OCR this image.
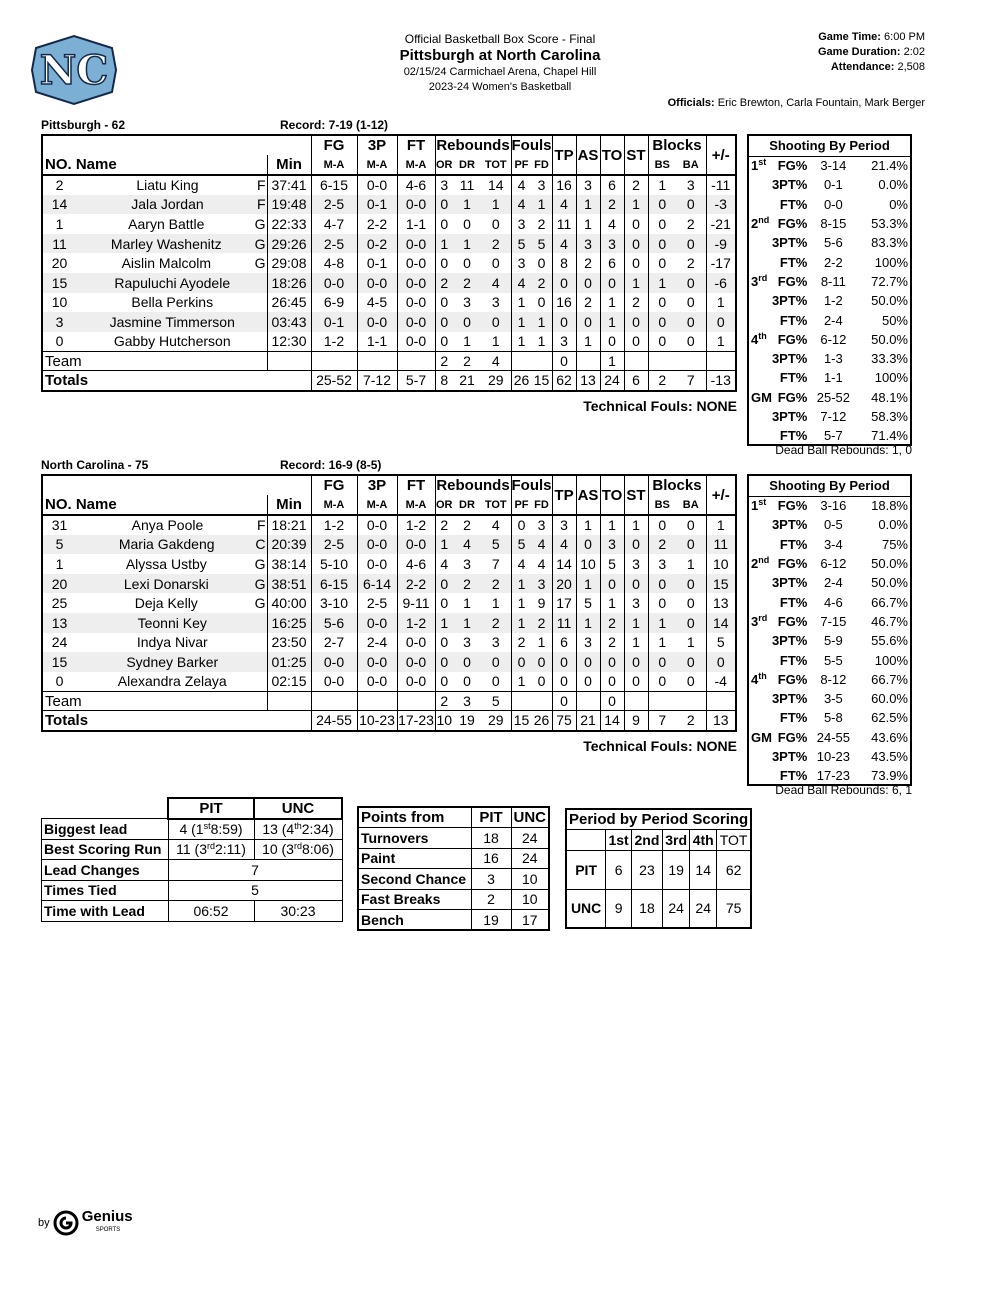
NC
Official Basketball Box Score - Final
Pittsburgh at North Carolina
02/15/24 Carmichael Arena, Chapel Hill
2023-24 Women's Basketball
Game Time: 6:00 PM
Game Duration: 2:02
Attendance: 2,508
Officials: Eric Brewton, Carla Fountain, Mark Berger
Pittsburgh - 62	Record: 7-19 (1-12)
			FG	3P	FT	Rebounds			Fouls		TP	AS	TO	ST	Blocks		+/-
NO. Name		Min	M-A	M-A	M-A	OR	DR	TOT	PF	FD					BS	BA	
2	Liatu King F	37:41	6-15	0-0	4-6	3	11	14	4	3	16	3	6	2	1	3	-11
14	Jala Jordan F	19:48	2-5	0-1	0-0	0	1	1	4	1	4	1	2	1	0	0	-3
1	Aaryn Battle G	22:33	4-7	2-2	1-1	0	0	0	3	2	11	1	4	0	0	2	-21
11	Marley Washenitz G	29:26	2-5	0-2	0-0	1	1	2	5	5	4	3	3	0	0	0	-9
20	Aislin Malcolm G	29:08	4-8	0-1	0-0	0	0	0	3	0	8	2	6	0	0	2	-17
15	Rapuluchi Ayodele	18:26	0-0	0-0	0-0	2	2	4	4	2	0	0	0	1	1	0	-6
10	Bella Perkins	26:45	6-9	4-5	0-0	0	3	3	1	0	16	2	1	2	0	0	1
3	Jasmine Timmerson	03:43	0-1	0-0	0-0	0	0	0	1	1	0	0	1	0	0	0	0
0	Gabby Hutcherson	12:30	1-2	1-1	0-0	0	1	1	1	1	3	1	0	0	0	0	1
Team						2	2	4			0		1				
Totals			25-52	7-12	5-7	8	21	29	26	15	62	13	24	6	2	7	-13
Shooting By Period			
1st	FG%	3-14	21.4%
	3PT%	0-1	0.0%
	FT%	0-0	0%
2nd	FG%	8-15	53.3%
	3PT%	5-6	83.3%
	FT%	2-2	100%
3rd	FG%	8-11	72.7%
	3PT%	1-2	50.0%
	FT%	2-4	50%
4th	FG%	6-12	50.0%
	3PT%	1-3	33.3%
	FT%	1-1	100%
GM	FG%	25-52	48.1%
	3PT%	7-12	58.3%
	FT%	5-7	71.4%
Technical Fouls: NONE
Dead Ball Rebounds: 1, 0
North Carolina - 75	Record: 16-9 (8-5)
			FG	3P	FT	Rebounds			Fouls		TP	AS	TO	ST	Blocks		+/-
NO. Name		Min	M-A	M-A	M-A	OR	DR	TOT	PF	FD					BS	BA	
31	Anya Poole F	18:21	1-2	0-0	1-2	2	2	4	0	3	3	1	1	1	0	0	1
5	Maria Gakdeng C	20:39	2-5	0-0	0-0	1	4	5	5	4	4	0	3	0	2	0	11
1	Alyssa Ustby G	38:14	5-10	0-0	4-6	4	3	7	4	4	14	10	5	3	3	1	10
20	Lexi Donarski G	38:51	6-15	6-14	2-2	0	2	2	1	3	20	1	0	0	0	0	15
25	Deja Kelly G	40:00	3-10	2-5	9-11	0	1	1	1	9	17	5	1	3	0	0	13
13	Teonni Key	16:25	5-6	0-0	1-2	1	1	2	1	2	11	1	2	1	1	0	14
24	Indya Nivar	23:50	2-7	2-4	0-0	0	3	3	2	1	6	3	2	1	1	1	5
15	Sydney Barker	01:25	0-0	0-0	0-0	0	0	0	0	0	0	0	0	0	0	0	0
0	Alexandra Zelaya	02:15	0-0	0-0	0-0	0	0	0	1	0	0	0	0	0	0	0	-4
Team						2	3	5			0		0				
Totals			24-55	10-23	17-23	10	19	29	15	26	75	21	14	9	7	2	13
Shooting By Period			
1st	FG%	3-16	18.8%
	3PT%	0-5	0.0%
	FT%	3-4	75%
2nd	FG%	6-12	50.0%
	3PT%	2-4	50.0%
	FT%	4-6	66.7%
3rd	FG%	7-15	46.7%
	3PT%	5-9	55.6%
	FT%	5-5	100%
4th	FG%	8-12	66.7%
	3PT%	3-5	60.0%
	FT%	5-8	62.5%
GM	FG%	24-55	43.6%
	3PT%	10-23	43.5%
	FT%	17-23	73.9%
Technical Fouls: NONE
Dead Ball Rebounds: 6, 1
	PIT	UNC
Biggest lead	4 (1st8:59)	13 (4th2:34)
Best Scoring Run	11 (3rd2:11)	10 (3rd8:06)
Lead Changes	7	
Times Tied	5	
Time with Lead	06:52	30:23
Points from	PIT	UNC
Turnovers	18	24
Paint	16	24
Second Chance	3	10
Fast Breaks	2	10
Bench	19	17
Period by Period Scoring					
	1st	2nd	3rd	4th	TOT
PIT	6	23	19	14	62
UNC	9	18	24	24	75
by Genius
SPORTS
